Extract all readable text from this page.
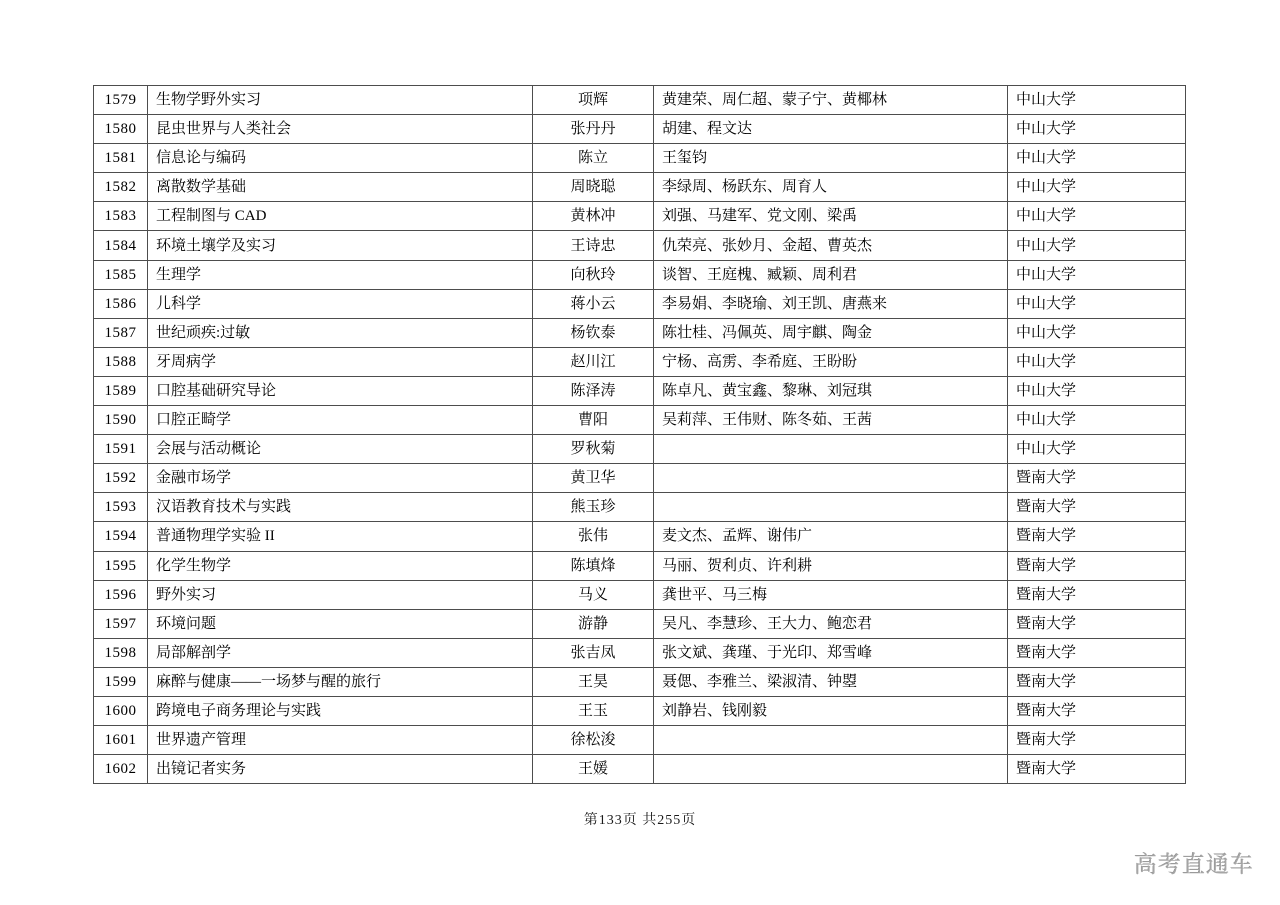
1579	生物学野外实习	项辉	黄建荣、周仁超、蒙子宁、黄椰林	中山大学
1580	昆虫世界与人类社会	张丹丹	胡建、程文达	中山大学
1581	信息论与编码	陈立	王玺钧	中山大学
1582	离散数学基础	周晓聪	李绿周、杨跃东、周育人	中山大学
1583	工程制图与 CAD	黄林冲	刘强、马建军、党文刚、梁禹	中山大学
1584	环境土壤学及实习	王诗忠	仇荣亮、张妙月、金超、曹英杰	中山大学
1585	生理学	向秋玲	谈智、王庭槐、臧颖、周利君	中山大学
1586	儿科学	蒋小云	李易娟、李晓瑜、刘王凯、唐燕来	中山大学
1587	世纪顽疾:过敏	杨钦泰	陈壮桂、冯佩英、周宇麒、陶金	中山大学
1588	牙周病学	赵川江	宁杨、高雳、李希庭、王盼盼	中山大学
1589	口腔基础研究导论	陈泽涛	陈卓凡、黄宝鑫、黎琳、刘冠琪	中山大学
1590	口腔正畸学	曹阳	吴莉萍、王伟财、陈冬茹、王茜	中山大学
1591	会展与活动概论	罗秋菊		中山大学
1592	金融市场学	黄卫华		暨南大学
1593	汉语教育技术与实践	熊玉珍		暨南大学
1594	普通物理学实验 II	张伟	麦文杰、孟辉、谢伟广	暨南大学
1595	化学生物学	陈填烽	马丽、贺利贞、许利耕	暨南大学
1596	野外实习	马义	龚世平、马三梅	暨南大学
1597	环境问题	游静	吴凡、李慧珍、王大力、鲍恋君	暨南大学
1598	局部解剖学	张吉凤	张文斌、龚瑾、于光印、郑雪峰	暨南大学
1599	麻醉与健康——一场梦与醒的旅行	王昊	聂偲、李雅兰、梁淑清、钟曌	暨南大学
1600	跨境电子商务理论与实践	王玉	刘静岩、钱刚毅	暨南大学
1601	世界遗产管理	徐松浚		暨南大学
1602	出镜记者实务	王媛		暨南大学
第133页 共255页
高考直通车
